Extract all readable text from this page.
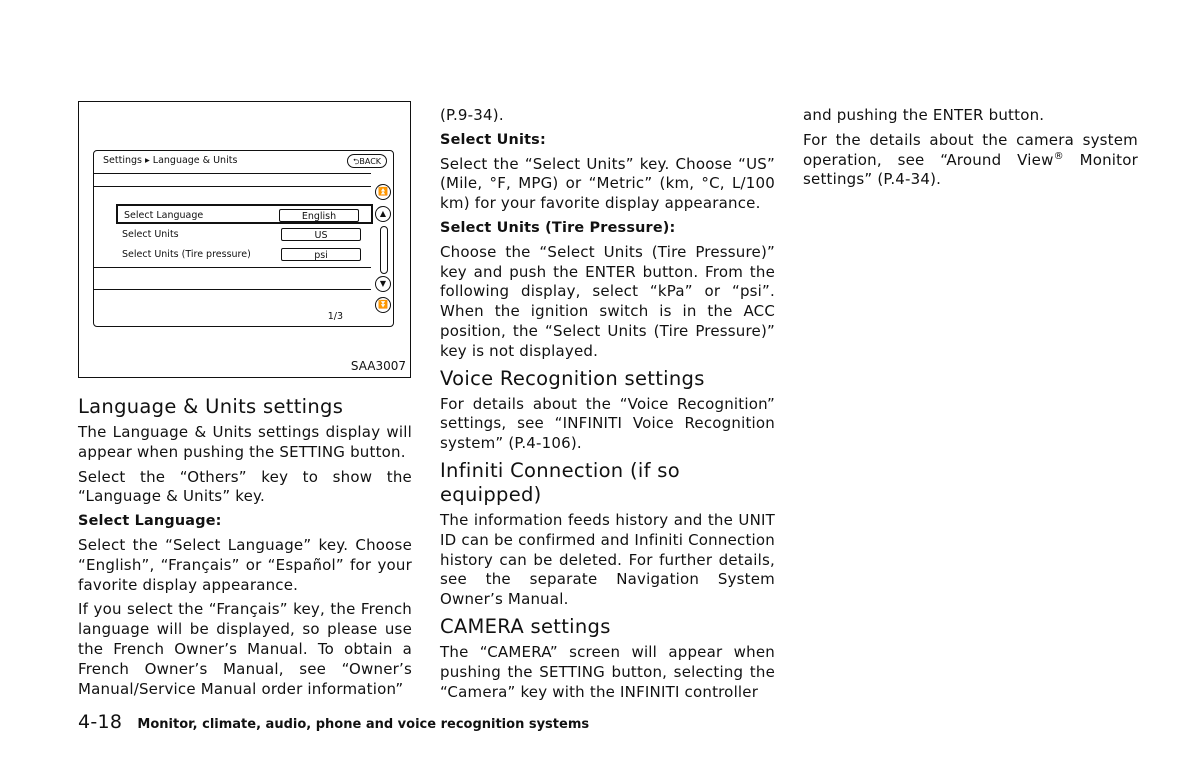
Settings ▸ Language & Units	⮌BACK
Select Language	English
Select Units	US
Select Units (Tire pressure)	psi
⏫
▲
▼
⏬
1/3
SAA3007
Language & Units settings

The Language & Units settings display will appear when pushing the SETTING button.

Select the “Others” key to show the “Language & Units” key.

Select Language:

Select the “Select Language” key. Choose “English”, “Français” or “Español” for your favorite display appearance.

If you select the “Français” key, the French language will be displayed, so please use the French Owner’s Manual. To obtain a French Owner’s Manual, see “Owner’s Manual/Service Manual order information”

(P.9-34).

Select Units:

Select the “Select Units” key. Choose “US” (Mile, °F, MPG) or “Metric” (km, °C, L/100 km) for your favorite display appearance.

Select Units (Tire Pressure):

Choose the “Select Units (Tire Pressure)” key and push the ENTER button. From the following display, select “kPa” or “psi”. When the ignition switch is in the ACC position, the “Select Units (Tire Pressure)” key is not displayed.

Voice Recognition settings

For details about the “Voice Recognition” settings, see “INFINITI Voice Recognition system” (P.4-106).

Infiniti Connection (if so equipped)

The information feeds history and the UNIT ID can be confirmed and Infiniti Connection history can be deleted. For further details, see the separate Navigation System Owner’s Manual.

CAMERA settings

The “CAMERA” screen will appear when pushing the SETTING button, selecting the “Camera” key with the INFINITI controller

and pushing the ENTER button.

For the details about the camera system operation, see “Around View® Monitor settings” (P.4-34).

4-18 Monitor, climate, audio, phone and voice recognition systems
